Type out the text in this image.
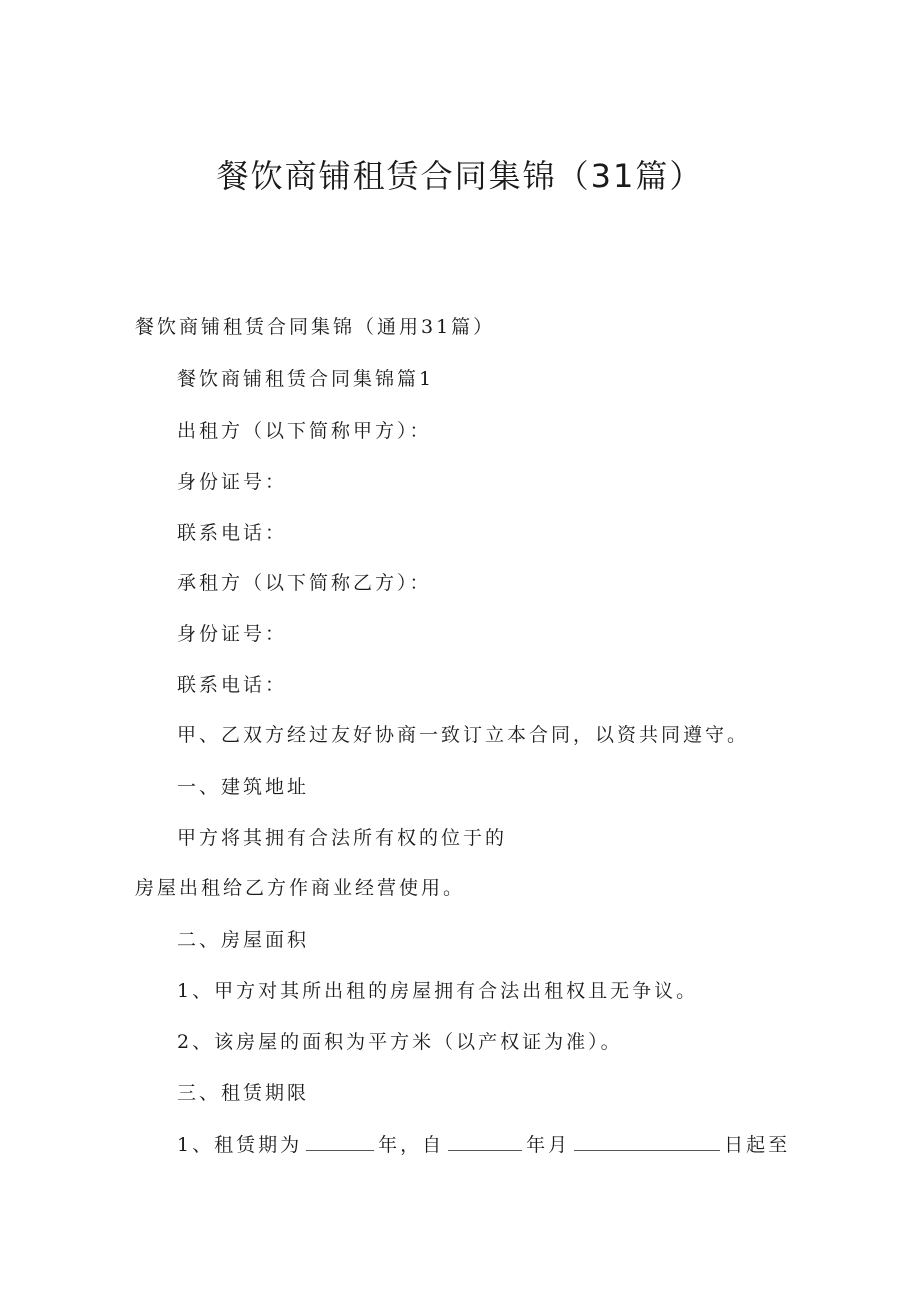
餐饮商铺租赁合同集锦（31篇）

餐饮商铺租赁合同集锦（通用31篇）

餐饮商铺租赁合同集锦篇1

出租方（以下简称甲方）：

身份证号：

联系电话：

承租方（以下简称乙方）：

身份证号：

联系电话：

甲、乙双方经过友好协商一致订立本合同，以资共同遵守。

一、建筑地址

甲方将其拥有合法所有权的位于的

房屋出租给乙方作商业经营使用。

二、房屋面积

1、甲方对其所出租的房屋拥有合法出租权且无争议。

2、该房屋的面积为平方米（以产权证为准）。

三、租赁期限

1、租赁期为	年，自	年月	日起至
